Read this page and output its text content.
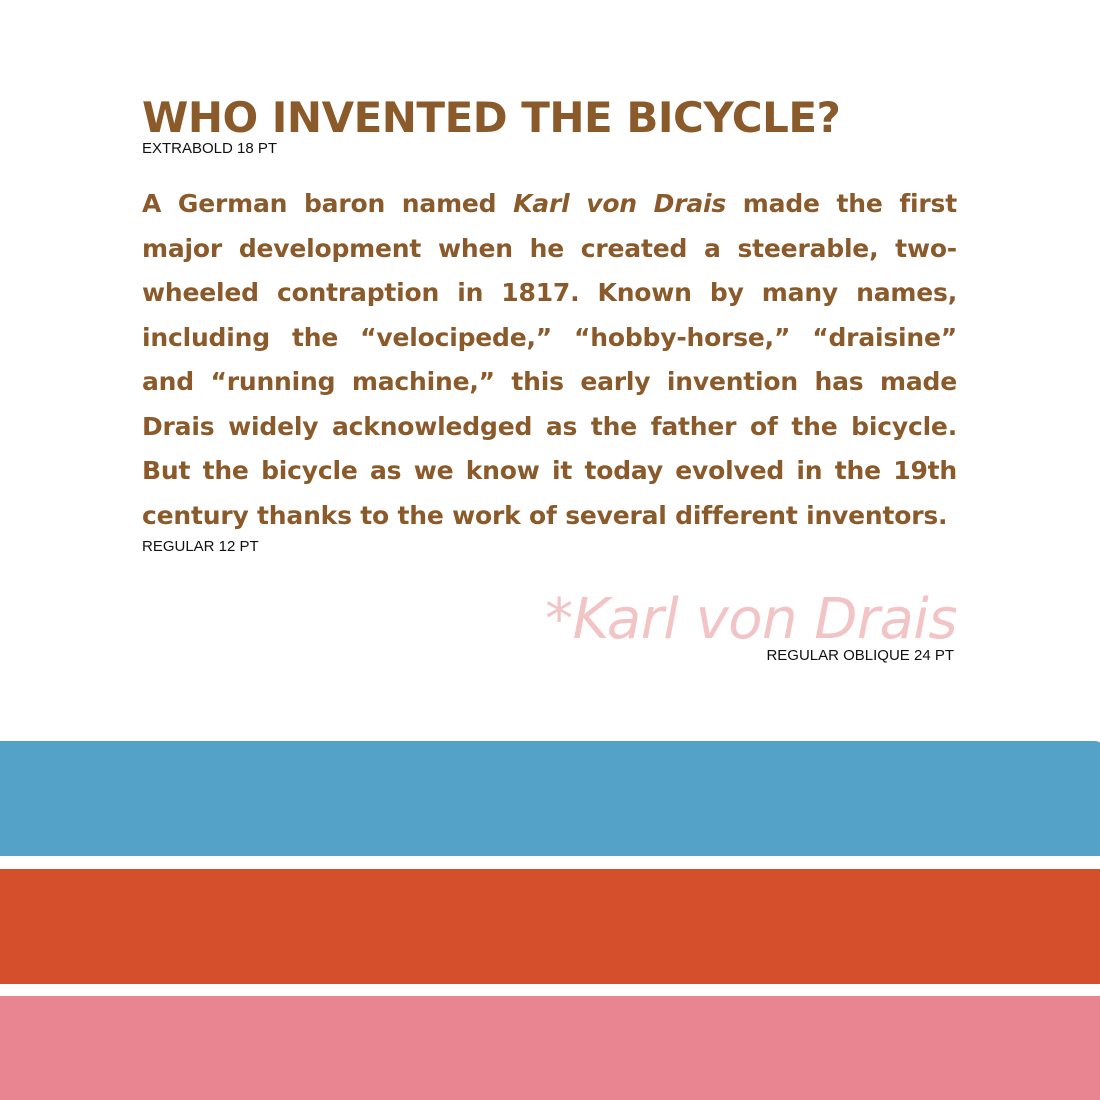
WHO INVENTED THE BICYCLE?
EXTRABOLD 18 PT

A German baron named Karl von Drais made the first major development when he created a steerable, two-wheeled contraption in 1817. Known by many names, including the “velocipede,” “hobby-horse,” “draisine” and “running machine,” this early invention has made Drais widely acknowledged as the father of the bicycle. But the bicycle as we know it today evolved in the 19th century thanks to the work of several different inventors.

REGULAR 12 PT
*Karl von Drais
REGULAR OBLIQUE 24 PT
